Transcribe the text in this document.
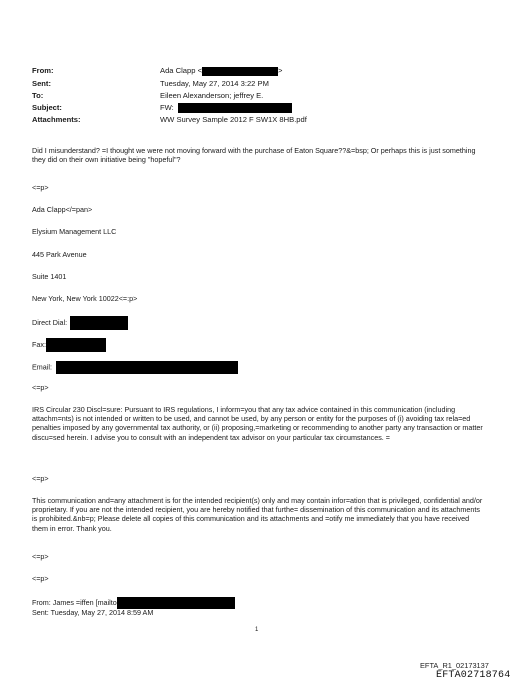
From:	Ada Clapp <	>
Sent:	Tuesday, May 27, 2014 3:22 PM
To:	Eileen Alexanderson; jeffrey E.
Subject:	FW:
Attachments:	WW Survey Sample 2012 F SW1X 8HB.pdf
Did I misunderstand? =I thought we were not moving forward with the purchase of Eaton Square??&=bsp; Or perhaps this is just something they did on their own initiative being "hopeful"?
<=p>
Ada Clapp</=pan>
Elysium Management LLC
445 Park Avenue
Suite 1401
New York, New York 10022<=:p>
Direct Dial:
Fax:
Email:
<=p>
IRS Circular 230 Discl=sure: Pursuant to IRS regulations, I inform=you that any tax advice contained in this communication (including attachm=nts) is not intended or written to be used, and cannot be used, by any person or entity for the purposes of (i) avoiding tax rela=ed penalties imposed by any governmental tax authority, or (ii) proposing,=marketing or recommending to another party any transaction or matter discu=sed herein. I advise you to consult with an independent tax advisor on your particular tax circumstances. =
<=p>
This communication and=any attachment is for the intended recipient(s) only and may contain infor=ation that is privileged, confidential and/or proprietary. If you are not the intended recipient, you are hereby notified that furthe= dissemination of this communication and its attachments is prohibited.&nb=p; Please delete all copies of this communication and its attachments and =otify me immediately that you have received them in error. Thank you.
<=p>
<=p>
From: James =iffen [mailto
Sent: Tuesday, May 27, 2014 8:59 AM
1
EFTA_R1_02173137
EFTA02718764
